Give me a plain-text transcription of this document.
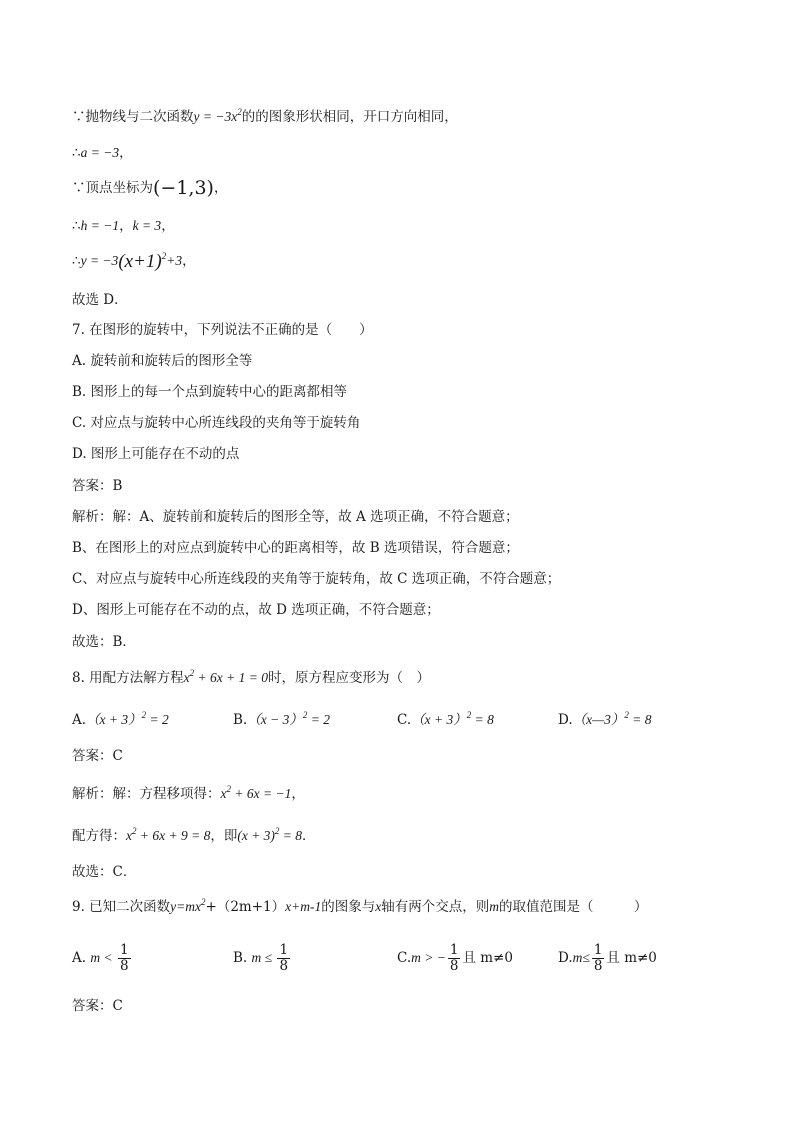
∵抛物线与二次函数$y = -3x^2$的的图象形状相同，开口方向相同，
∴a = −3，
∵顶点坐标为(−1,3)，
∴h = −1，k = 3，
∴y = $-3(x+1)^2+3$，
故选 D．
7. 在图形的旋转中，下列说法不正确的是（　　）
A. 旋转前和旋转后的图形全等
B. 图形上的每一个点到旋转中心的距离都相等
C. 对应点与旋转中心所连线段的夹角等于旋转角
D. 图形上可能存在不动的点
答案：B
解析：解：A、旋转前和旋转后的图形全等，故 A 选项正确，不符合题意；
B、在图形上的对应点到旋转中心的距离相等，故 B 选项错误，符合题意；
C、对应点与旋转中心所连线段的夹角等于旋转角，故 C 选项正确，不符合题意；
D、图形上可能存在不动的点，故 D 选项正确，不符合题意；
故选：B．
8. 用配方法解方程$x^2 + 6x + 1 = 0$时，原方程应变形为（　）
$A.(x + 3)^2 = 2$	$B.(x - 3)^2 = 2$	$C.(x + 3)^2 = 8$	D.（x—3）$^2$ = 8
答案：C
解析：解：方程移项得：$x^2 + 6x = -1$，
配方得：$x^2 + 6x + 9 = 8$，即$(x + 3)^2 = 8$．
故选：C．
9. 已知二次函数$y=mx^2+(2m+1)x+m-1$的图象与x轴有两个交点，则m的取值范围是（　　　）
A. $m < \frac{1}{8}$	B. $m \le \frac{1}{8}$	C.m > − $\frac{1}{8}$ 且 m≠0	$D.m\le \frac{1}{8}$ 且 m≠0
答案：C
